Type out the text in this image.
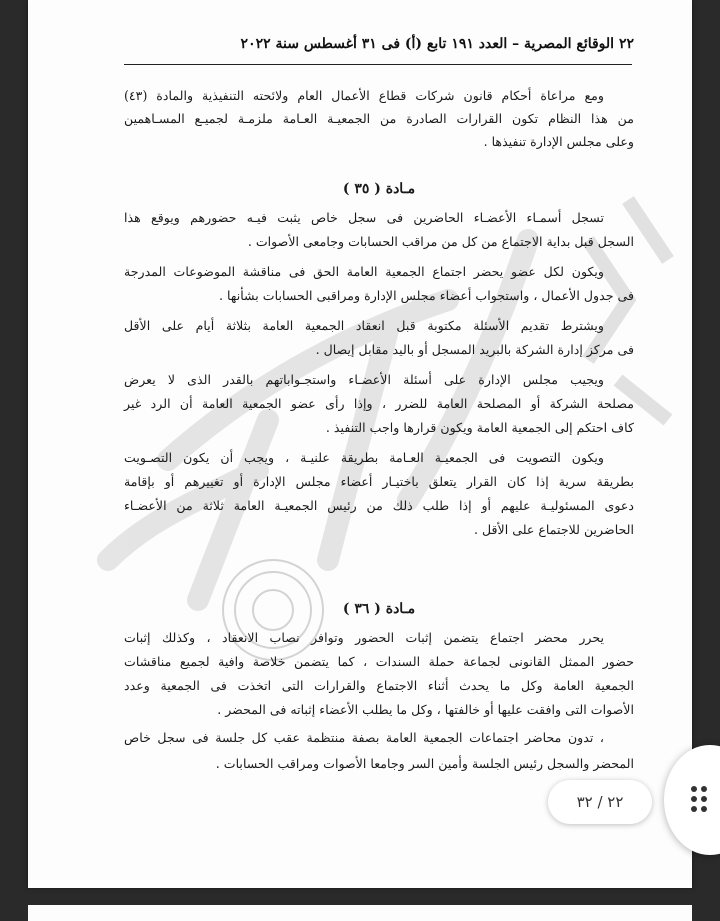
٢٢ الوقائع المصرية – العدد ١٩١ تابع (أ) فى ٣١ أغسطس سنة ٢٠٢٢
ومع مراعاة أحكام قانون شركات قطاع الأعمال العام ولائحته التنفيذية والمادة (٤٣)
من هذا النظام تكون القرارات الصادرة من الجمعيـة العـامة ملزمـة لجميـع المسـاهمين
وعلى مجلس الإدارة تنفيذها .
مـادة ( ٣٥ )
تسجل أسمـاء الأعضـاء الحاضرين فى سجل خاص يثبت فيـه حضورهم ويوقع هذا
السجل قبل بداية الاجتماع من كل من مراقب الحسابات وجامعى الأصوات .
ويكون لكل عضو يحضر اجتماع الجمعية العامة الحق فى مناقشة الموضوعات المدرجة
فى جدول الأعمال ، واستجواب أعضاء مجلس الإدارة ومراقبى الحسابات بشأنها .
ويشترط تقديم الأسئلة مكتوبة قبل انعقاد الجمعية العامة بثلاثة أيام على الأقل
فى مركز إدارة الشركة بالبريد المسجل أو باليد مقابل إيصال .
ويجيب مجلس الإدارة على أسئلة الأعضـاء واستجـواباتهم بالقدر الذى لا يعرض
مصلحة الشركة أو المصلحة العامة للضرر ، وإذا رأى عضو الجمعية العامة أن الرد غير
كاف احتكم إلى الجمعية العامة ويكون قرارها واجب التنفيذ .
ويكون التصويت فى الجمعيـة العـامة بطريقة علنيـة ، ويجب أن يكون التصـويت
بطريقة سرية إذا كان القرار يتعلق باختيـار أعضاء مجلس الإدارة أو تغييرهم أو بإقامة
دعوى المسئوليـة عليهم أو إذا طلب ذلك من رئيس الجمعيـة العامة ثلاثة من الأعضـاء
الحاضرين للاجتماع على الأقل .
مـادة ( ٣٦ )
يحرر محضر اجتماع يتضمن إثبات الحضور وتوافر نصاب الانعقاد ، وكذلك إثبات
حضور الممثل القانونى لجماعة حملة السندات ، كما يتضمن خلاصة وافية لجميع مناقشات
الجمعية العامة وكل ما يحدث أثناء الاجتماع والقرارات التى اتخذت فى الجمعية وعدد
الأصوات التى وافقت عليها أو خالفتها ، وكل ما يطلب الأعضاء إثباته فى المحضر .
، تدون محاضر اجتماعات الجمعية العامة بصفة منتظمة عقب كل جلسة فى سجل خاص
المحضر والسجل رئيس الجلسة وأمين السر وجامعا الأصوات ومراقب الحسابات .
٢٢ / ٣٢
